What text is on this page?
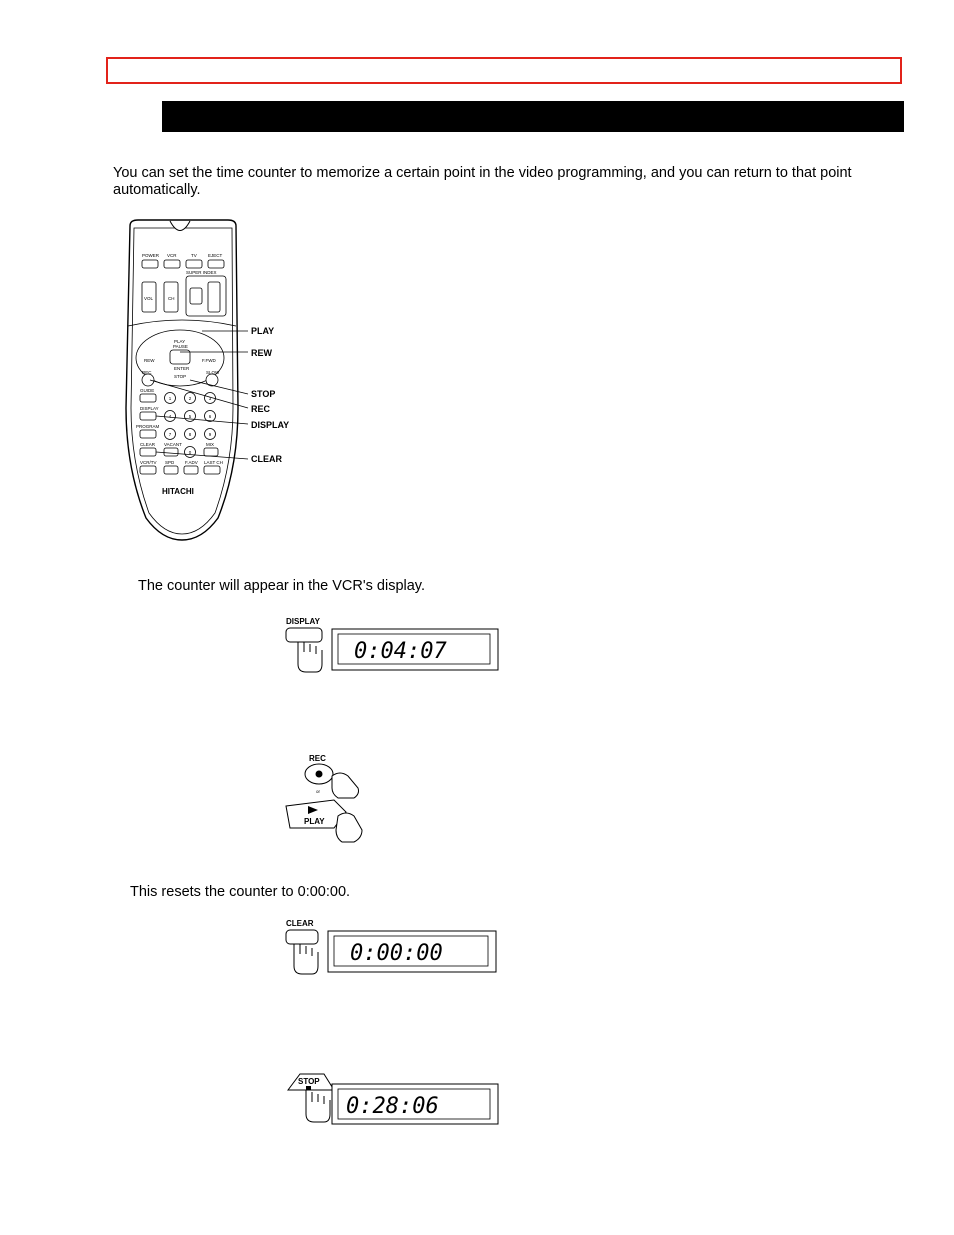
You can set the time counter to memorize a certain point in the video programming, and you can return to that point automatically.

POWER VCR	TV EJECT
SUPER INDEX
VOL	CH
PLAY
REW	F.FWD
PAUSE
ENTER
STOP
REC	SLOW
GUIDE
DISPLAY
PROGRAM
CLEAR VACANT	MIX
VCR/TV SPD F.ADV LAST CH
1	2	3
4	5	6
7	8	9
0
HITACHI
PLAY
REW
STOP
REC
DISPLAY
CLEAR

The counter will appear in the VCR's display.

DISPLAY
0:04:07
REC
or
PLAY

This resets the counter to 0:00:00.

CLEAR
0:00:00
STOP
0:28:06
